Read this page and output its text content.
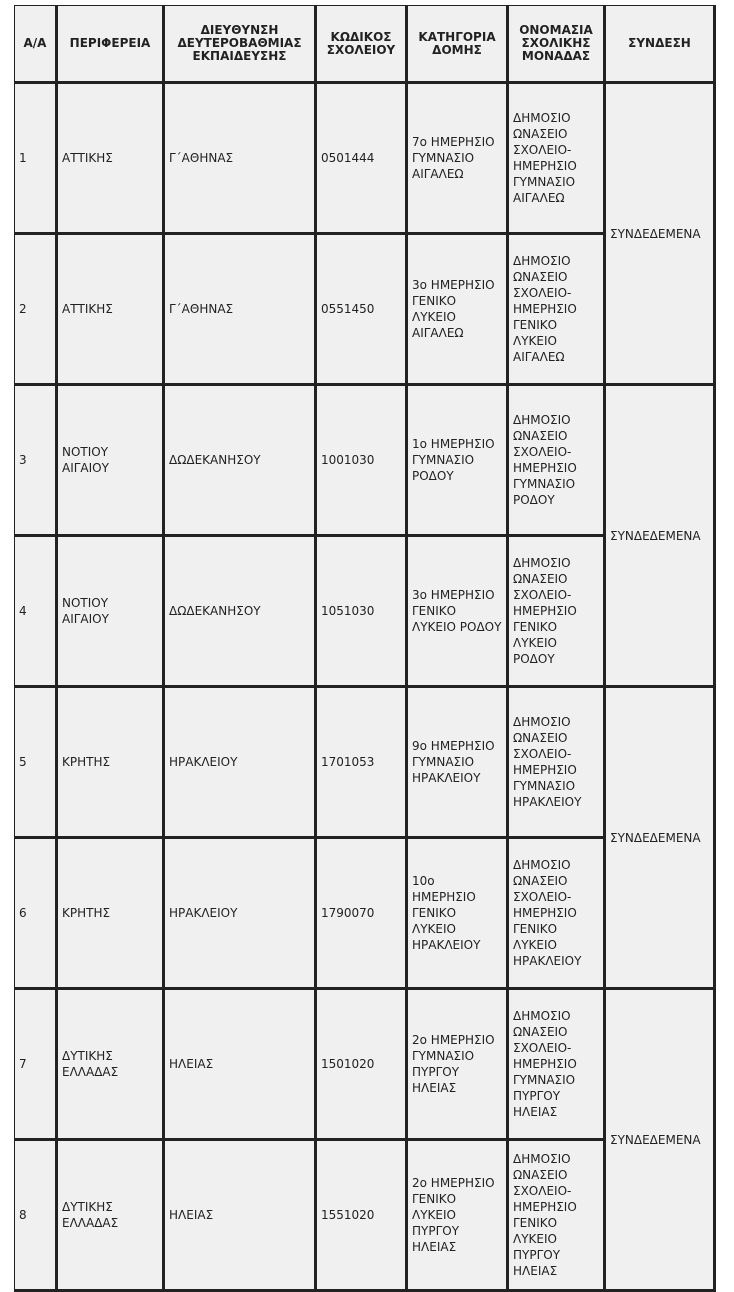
Α/Α	ΠΕΡΙΦΕΡΕΙΑ	ΔΙΕΥΘΥΝΣΗ ΔΕΥΤΕΡΟΒΑΘΜΙΑΣ ΕΚΠΑΙΔΕΥΣΗΣ	ΚΩΔΙΚΟΣ ΣΧΟΛΕΙΟΥ	ΚΑΤΗΓΟΡΙΑ ΔΟΜΗΣ	ΟΝΟΜΑΣΙΑ ΣΧΟΛΙΚΗΣ ΜΟΝΑΔΑΣ	ΣΥΝΔΕΣΗ
1	ΑΤΤΙΚΗΣ	Γ΄ΑΘΗΝΑΣ	0501444	7ο ΗΜΕΡΗΣΙΟ ΓΥΜΝΑΣΙΟ ΑΙΓΑΛΕΩ	ΔΗΜΟΣΙΟ ΩΝΑΣΕΙΟ ΣΧΟΛΕΙΟ-ΗΜΕΡΗΣΙΟ ΓΥΜΝΑΣΙΟ ΑΙΓΑΛΕΩ	ΣΥΝΔΕΔΕΜΕΝΑ
2	ΑΤΤΙΚΗΣ	Γ΄ΑΘΗΝΑΣ	0551450	3ο ΗΜΕΡΗΣΙΟ ΓΕΝΙΚΟ ΛΥΚΕΙΟ ΑΙΓΑΛΕΩ	ΔΗΜΟΣΙΟ ΩΝΑΣΕΙΟ ΣΧΟΛΕΙΟ-ΗΜΕΡΗΣΙΟ ΓΕΝΙΚΟ ΛΥΚΕΙΟ ΑΙΓΑΛΕΩ	
3	ΝΟΤΙΟΥ ΑΙΓΑΙΟΥ	ΔΩΔΕΚΑΝΗΣΟΥ	1001030	1ο ΗΜΕΡΗΣΙΟ ΓΥΜΝΑΣΙΟ ΡΟΔΟΥ	ΔΗΜΟΣΙΟ ΩΝΑΣΕΙΟ ΣΧΟΛΕΙΟ-ΗΜΕΡΗΣΙΟ ΓΥΜΝΑΣΙΟ ΡΟΔΟΥ	ΣΥΝΔΕΔΕΜΕΝΑ
4	ΝΟΤΙΟΥ ΑΙΓΑΙΟΥ	ΔΩΔΕΚΑΝΗΣΟΥ	1051030	3ο ΗΜΕΡΗΣΙΟ ΓΕΝΙΚΟ ΛΥΚΕΙΟ ΡΟΔΟΥ	ΔΗΜΟΣΙΟ ΩΝΑΣΕΙΟ ΣΧΟΛΕΙΟ-ΗΜΕΡΗΣΙΟ ΓΕΝΙΚΟ ΛΥΚΕΙΟ ΡΟΔΟΥ	
5	ΚΡΗΤΗΣ	ΗΡΑΚΛΕΙΟΥ	1701053	9ο ΗΜΕΡΗΣΙΟ ΓΥΜΝΑΣΙΟ ΗΡΑΚΛΕΙΟΥ	ΔΗΜΟΣΙΟ ΩΝΑΣΕΙΟ ΣΧΟΛΕΙΟ-ΗΜΕΡΗΣΙΟ ΓΥΜΝΑΣΙΟ ΗΡΑΚΛΕΙΟΥ	ΣΥΝΔΕΔΕΜΕΝΑ
6	ΚΡΗΤΗΣ	ΗΡΑΚΛΕΙΟΥ	1790070	10ο ΗΜΕΡΗΣΙΟ ΓΕΝΙΚΟ ΛΥΚΕΙΟ ΗΡΑΚΛΕΙΟΥ	ΔΗΜΟΣΙΟ ΩΝΑΣΕΙΟ ΣΧΟΛΕΙΟ-ΗΜΕΡΗΣΙΟ ΓΕΝΙΚΟ ΛΥΚΕΙΟ ΗΡΑΚΛΕΙΟΥ	
7	ΔΥΤΙΚΗΣ ΕΛΛΑΔΑΣ	ΗΛΕΙΑΣ	1501020	2ο ΗΜΕΡΗΣΙΟ ΓΥΜΝΑΣΙΟ ΠΥΡΓΟΥ ΗΛΕΙΑΣ	ΔΗΜΟΣΙΟ ΩΝΑΣΕΙΟ ΣΧΟΛΕΙΟ-ΗΜΕΡΗΣΙΟ ΓΥΜΝΑΣΙΟ ΠΥΡΓΟΥ ΗΛΕΙΑΣ	ΣΥΝΔΕΔΕΜΕΝΑ
8	ΔΥΤΙΚΗΣ ΕΛΛΑΔΑΣ	ΗΛΕΙΑΣ	1551020	2ο ΗΜΕΡΗΣΙΟ ΓΕΝΙΚΟ ΛΥΚΕΙΟ ΠΥΡΓΟΥ ΗΛΕΙΑΣ	ΔΗΜΟΣΙΟ ΩΝΑΣΕΙΟ ΣΧΟΛΕΙΟ-ΗΜΕΡΗΣΙΟ ΓΕΝΙΚΟ ΛΥΚΕΙΟ ΠΥΡΓΟΥ ΗΛΕΙΑΣ	
